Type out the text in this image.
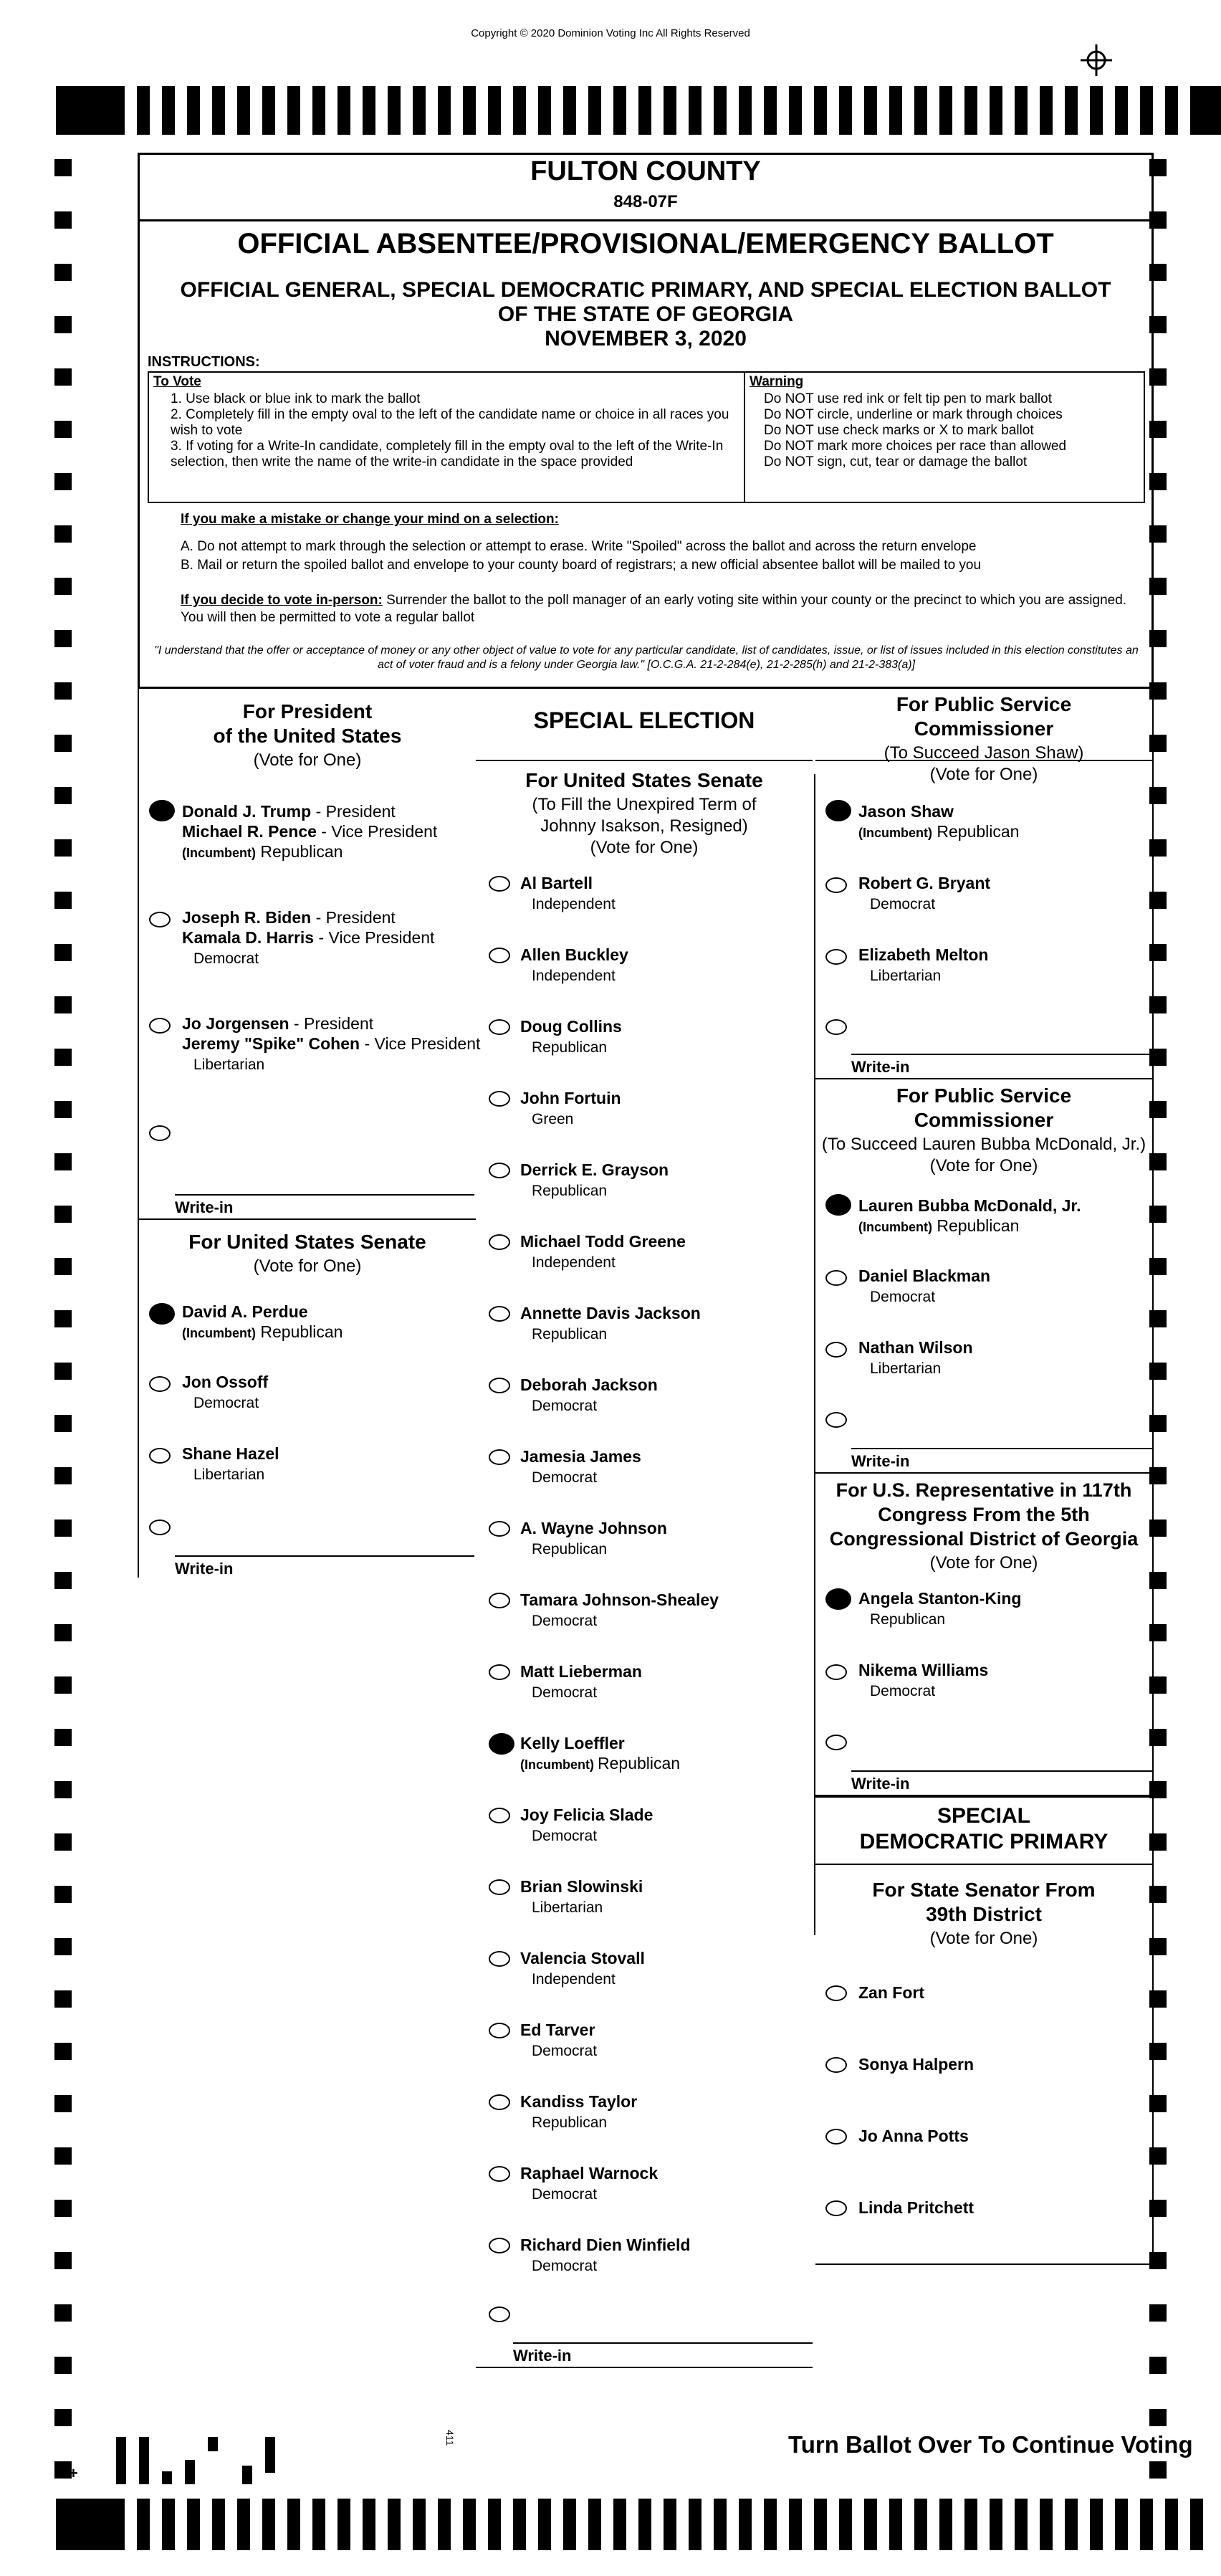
Copyright © 2020 Dominion Voting Inc All Rights Reserved
FULTON COUNTY
848-07F
OFFICIAL ABSENTEE/PROVISIONAL/EMERGENCY BALLOT
OFFICIAL GENERAL, SPECIAL DEMOCRATIC PRIMARY, AND SPECIAL ELECTION BALLOT
OF THE STATE OF GEORGIA
NOVEMBER 3, 2020
INSTRUCTIONS:
To Vote
1. Use black or blue ink to mark the ballot
2. Completely fill in the empty oval to the left of the candidate name or choice in all races you wish to vote
3. If voting for a Write-In candidate, completely fill in the empty oval to the left of the Write-In selection, then write the name of the write-in candidate in the space provided
Warning
Do NOT use red ink or felt tip pen to mark ballot
Do NOT circle, underline or mark through choices
Do NOT use check marks or X to mark ballot
Do NOT mark more choices per race than allowed
Do NOT sign, cut, tear or damage the ballot
If you make a mistake or change your mind on a selection:
A. Do not attempt to mark through the selection or attempt to erase. Write "Spoiled" across the ballot and across the return envelope
B. Mail or return the spoiled ballot and envelope to your county board of registrars; a new official absentee ballot will be mailed to you
If you decide to vote in-person: Surrender the ballot to the poll manager of an early voting site within your county or the precinct to which you are assigned. You will then be permitted to vote a regular ballot
"I understand that the offer or acceptance of money or any other object of value to vote for any particular candidate, list of candidates, issue, or list of issues included in this election constitutes an act of voter fraud and is a felony under Georgia law." [O.C.G.A. 21-2-284(e), 21-2-285(h) and 21-2-383(a)]
For President
of the United States
(Vote for One)
Donald J. Trump - President
Michael R. Pence - Vice President
(Incumbent) Republican
Joseph R. Biden - President
Kamala D. Harris - Vice President
Democrat
Jo Jorgensen - President
Jeremy "Spike" Cohen - Vice President
Libertarian
Write-in
For United States Senate
(Vote for One)
David A. Perdue
(Incumbent) Republican
Jon Ossoff
Democrat
Shane Hazel
Libertarian
Write-in
SPECIAL ELECTION
For United States Senate
(To Fill the Unexpired Term of
Johnny Isakson, Resigned)
(Vote for One)
Al Bartell
Independent
Allen Buckley
Independent
Doug Collins
Republican
John Fortuin
Green
Derrick E. Grayson
Republican
Michael Todd Greene
Independent
Annette Davis Jackson
Republican
Deborah Jackson
Democrat
Jamesia James
Democrat
A. Wayne Johnson
Republican
Tamara Johnson-Shealey
Democrat
Matt Lieberman
Democrat
Kelly Loeffler
(Incumbent) Republican
Joy Felicia Slade
Democrat
Brian Slowinski
Libertarian
Valencia Stovall
Independent
Ed Tarver
Democrat
Kandiss Taylor
Republican
Raphael Warnock
Democrat
Richard Dien Winfield
Democrat
Write-in
For Public Service
Commissioner
(To Succeed Jason Shaw)
(Vote for One)
Jason Shaw
(Incumbent) Republican
Robert G. Bryant
Democrat
Elizabeth Melton
Libertarian
Write-in
For Public Service
Commissioner
(To Succeed Lauren Bubba McDonald, Jr.)
(Vote for One)
Lauren Bubba McDonald, Jr.
(Incumbent) Republican
Daniel Blackman
Democrat
Nathan Wilson
Libertarian
Write-in
For U.S. Representative in 117th
Congress From the 5th
Congressional District of Georgia
(Vote for One)
Angela Stanton-King
Republican
Nikema Williams
Democrat
Write-in
SPECIAL
DEMOCRATIC PRIMARY
For State Senator From
39th District
(Vote for One)
Zan Fort
Sonya Halpern
Jo Anna Potts
Linda Pritchett
+
411	Turn Ballot Over To Continue Voting
